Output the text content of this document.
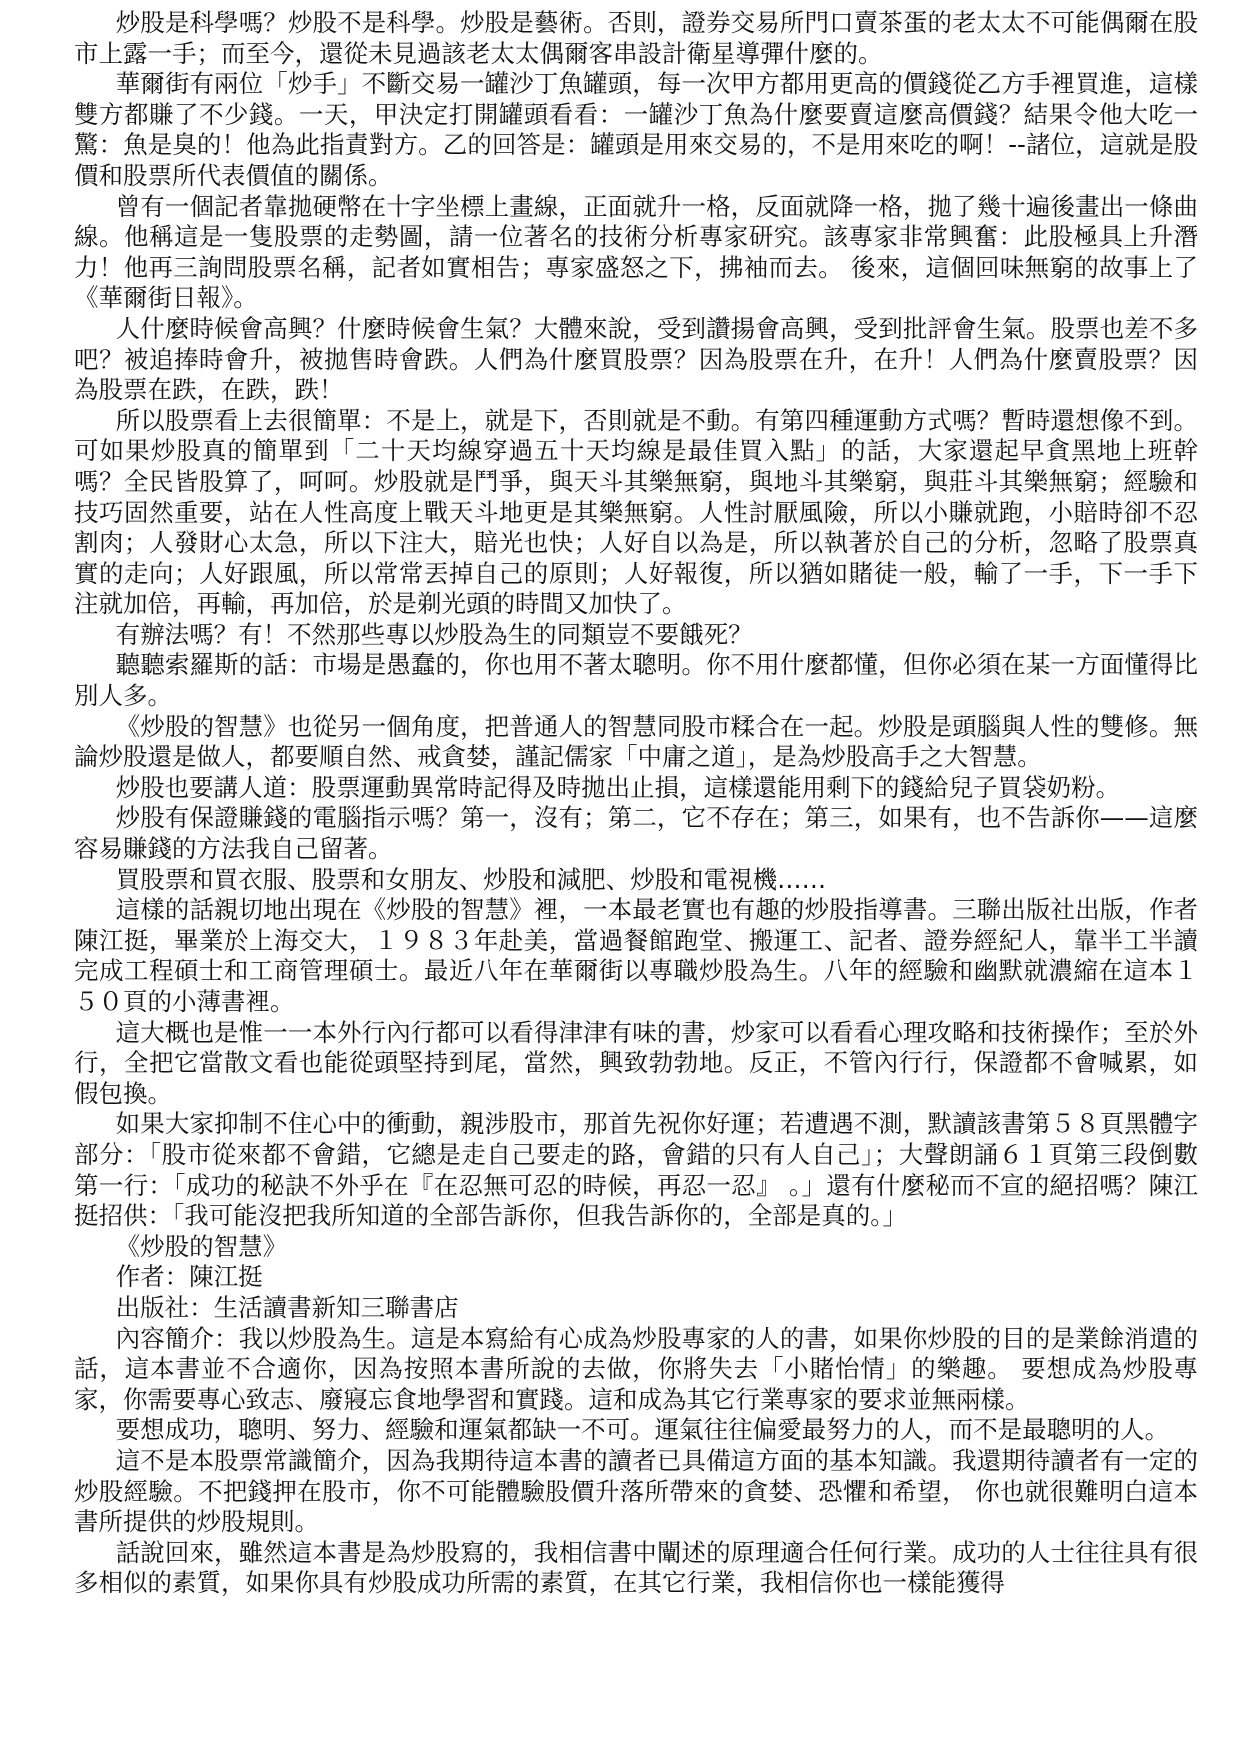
炒股是科學嗎？炒股不是科學。炒股是藝術。否則，證券交易所門口賣茶蛋的老太太不可能偶爾在股市上露一手；而至今，還從未見過該老太太偶爾客串設計衛星導彈什麼的。

華爾街有兩位「炒手」不斷交易一罐沙丁魚罐頭，每一次甲方都用更高的價錢從乙方手裡買進，這樣雙方都賺了不少錢。一天，甲決定打開罐頭看看：一罐沙丁魚為什麼要賣這麼高價錢？結果令他大吃一驚：魚是臭的！他為此指責對方。乙的回答是：罐頭是用來交易的，不是用來吃的啊！--諸位，這就是股價和股票所代表價值的關係。

曾有一個記者靠拋硬幣在十字坐標上畫線，正面就升一格，反面就降一格，拋了幾十遍後畫出一條曲線。他稱這是一隻股票的走勢圖，請一位著名的技術分析專家研究。該專家非常興奮：此股極具上升潛力！他再三詢問股票名稱，記者如實相告；專家盛怒之下，拂袖而去。 後來，這個回味無窮的故事上了《華爾街日報》。

人什麼時候會高興？什麼時候會生氣？大體來說，受到讚揚會高興，受到批評會生氣。股票也差不多吧？被追捧時會升，被拋售時會跌。人們為什麼買股票？因為股票在升，在升！人們為什麼賣股票？因為股票在跌，在跌，跌！

所以股票看上去很簡單：不是上，就是下，否則就是不動。有第四種運動方式嗎？暫時還想像不到。可如果炒股真的簡單到「二十天均線穿過五十天均線是最佳買入點」的話，大家還起早貪黑地上班幹嗎？全民皆股算了，呵呵。炒股就是鬥爭，與天斗其樂無窮，與地斗其樂窮，與莊斗其樂無窮；經驗和技巧固然重要，站在人性高度上戰天斗地更是其樂無窮。人性討厭風險，所以小賺就跑，小賠時卻不忍割肉；人發財心太急，所以下注大，賠光也快；人好自以為是，所以執著於自己的分析，忽略了股票真實的走向；人好跟風，所以常常丟掉自己的原則；人好報復，所以猶如賭徒一般，輸了一手，下一手下注就加倍，再輸，再加倍，於是剃光頭的時間又加快了。

有辦法嗎？有！不然那些專以炒股為生的同類豈不要餓死？

聽聽索羅斯的話：市場是愚蠢的，你也用不著太聰明。你不用什麼都懂，但你必須在某一方面懂得比別人多。

《炒股的智慧》也從另一個角度，把普通人的智慧同股市糅合在一起。炒股是頭腦與人性的雙修。無論炒股還是做人，都要順自然、戒貪婪，謹記儒家「中庸之道」，是為炒股高手之大智慧。

炒股也要講人道：股票運動異常時記得及時拋出止損，這樣還能用剩下的錢給兒子買袋奶粉。

炒股有保證賺錢的電腦指示嗎？第一，沒有；第二，它不存在；第三，如果有，也不告訴你——這麼容易賺錢的方法我自己留著。

買股票和買衣服、股票和女朋友、炒股和減肥、炒股和電視機……

這樣的話親切地出現在《炒股的智慧》裡，一本最老實也有趣的炒股指導書。三聯出版社出版，作者陳江挺，畢業於上海交大，１９８３年赴美，當過餐館跑堂、搬運工、記者、證券經紀人，靠半工半讀完成工程碩士和工商管理碩士。最近八年在華爾街以專職炒股為生。八年的經驗和幽默就濃縮在這本１５０頁的小薄書裡。

這大概也是惟一一本外行內行都可以看得津津有味的書，炒家可以看看心理攻略和技術操作；至於外行，全把它當散文看也能從頭堅持到尾，當然，興致勃勃地。反正，不管內行行，保證都不會喊累，如假包換。

如果大家抑制不住心中的衝動，親涉股市，那首先祝你好運；若遭遇不測，默讀該書第５８頁黑體字部分：「股市從來都不會錯，它總是走自己要走的路，會錯的只有人自己」；大聲朗誦６１頁第三段倒數第一行：「成功的秘訣不外乎在『在忍無可忍的時候，再忍一忍』 。」還有什麼秘而不宣的絕招嗎？陳江挺招供：「我可能沒把我所知道的全部告訴你，但我告訴你的，全部是真的。」

《炒股的智慧》

作者：陳江挺

出版社：生活讀書新知三聯書店

內容簡介：我以炒股為生。這是本寫給有心成為炒股專家的人的書，如果你炒股的目的是業餘消遣的話，這本書並不合適你，因為按照本書所說的去做，你將失去「小賭怡情」的樂趣。 要想成為炒股專家，你需要專心致志、廢寢忘食地學習和實踐。這和成為其它行業專家的要求並無兩樣。

要想成功，聰明、努力、經驗和運氣都缺一不可。運氣往往偏愛最努力的人，而不是最聰明的人。

這不是本股票常識簡介，因為我期待這本書的讀者已具備這方面的基本知識。我還期待讀者有一定的炒股經驗。不把錢押在股市，你不可能體驗股價升落所帶來的貪婪、恐懼和希望， 你也就很難明白這本書所提供的炒股規則。

話說回來，雖然這本書是為炒股寫的，我相信書中闡述的原理適合任何行業。成功的人士往往具有很多相似的素質，如果你具有炒股成功所需的素質，在其它行業，我相信你也一樣能獲得
